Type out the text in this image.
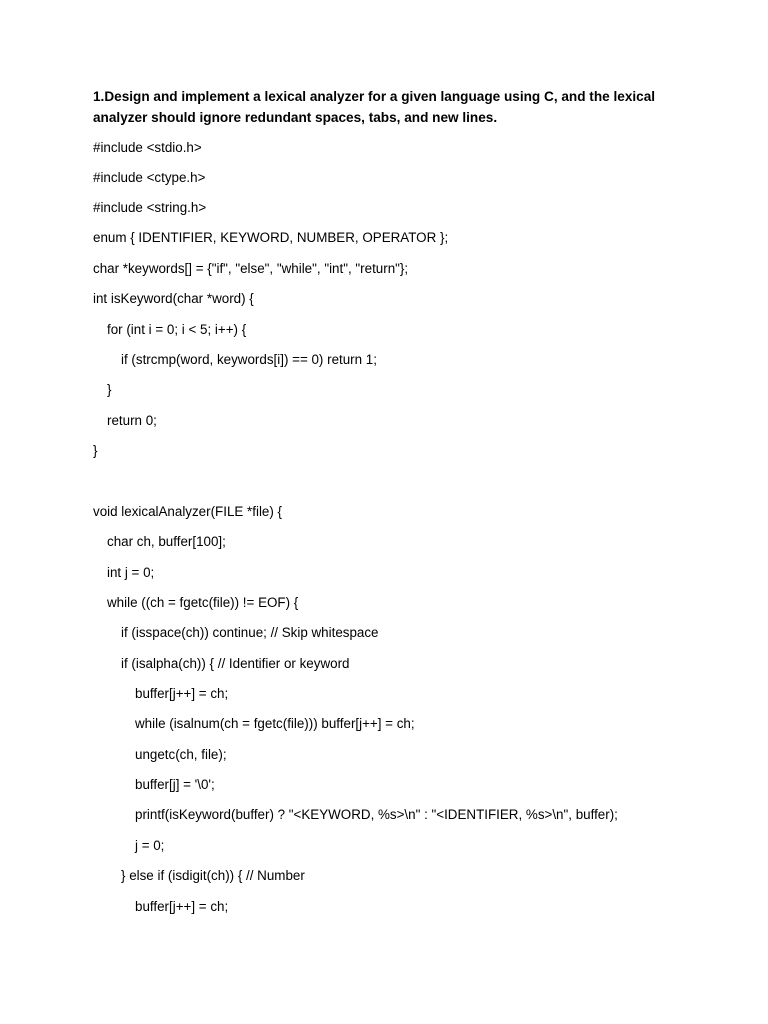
1.Design and implement a lexical analyzer for a given language using C, and the lexical analyzer should ignore redundant spaces, tabs, and new lines.

#include <stdio.h>

#include <ctype.h>

#include <string.h>

enum { IDENTIFIER, KEYWORD, NUMBER, OPERATOR };

char *keywords[] = {"if", "else", "while", "int", "return"};

int isKeyword(char *word) {

for (int i = 0; i < 5; i++) {

if (strcmp(word, keywords[i]) == 0) return 1;

}

return 0;

}

void lexicalAnalyzer(FILE *file) {

char ch, buffer[100];

int j = 0;

while ((ch = fgetc(file)) != EOF) {

if (isspace(ch)) continue; // Skip whitespace

if (isalpha(ch)) { // Identifier or keyword

buffer[j++] = ch;

while (isalnum(ch = fgetc(file))) buffer[j++] = ch;

ungetc(ch, file);

buffer[j] = '\0';

printf(isKeyword(buffer) ? "<KEYWORD, %s>\n" : "<IDENTIFIER, %s>\n", buffer);

j = 0;

} else if (isdigit(ch)) { // Number

buffer[j++] = ch;
